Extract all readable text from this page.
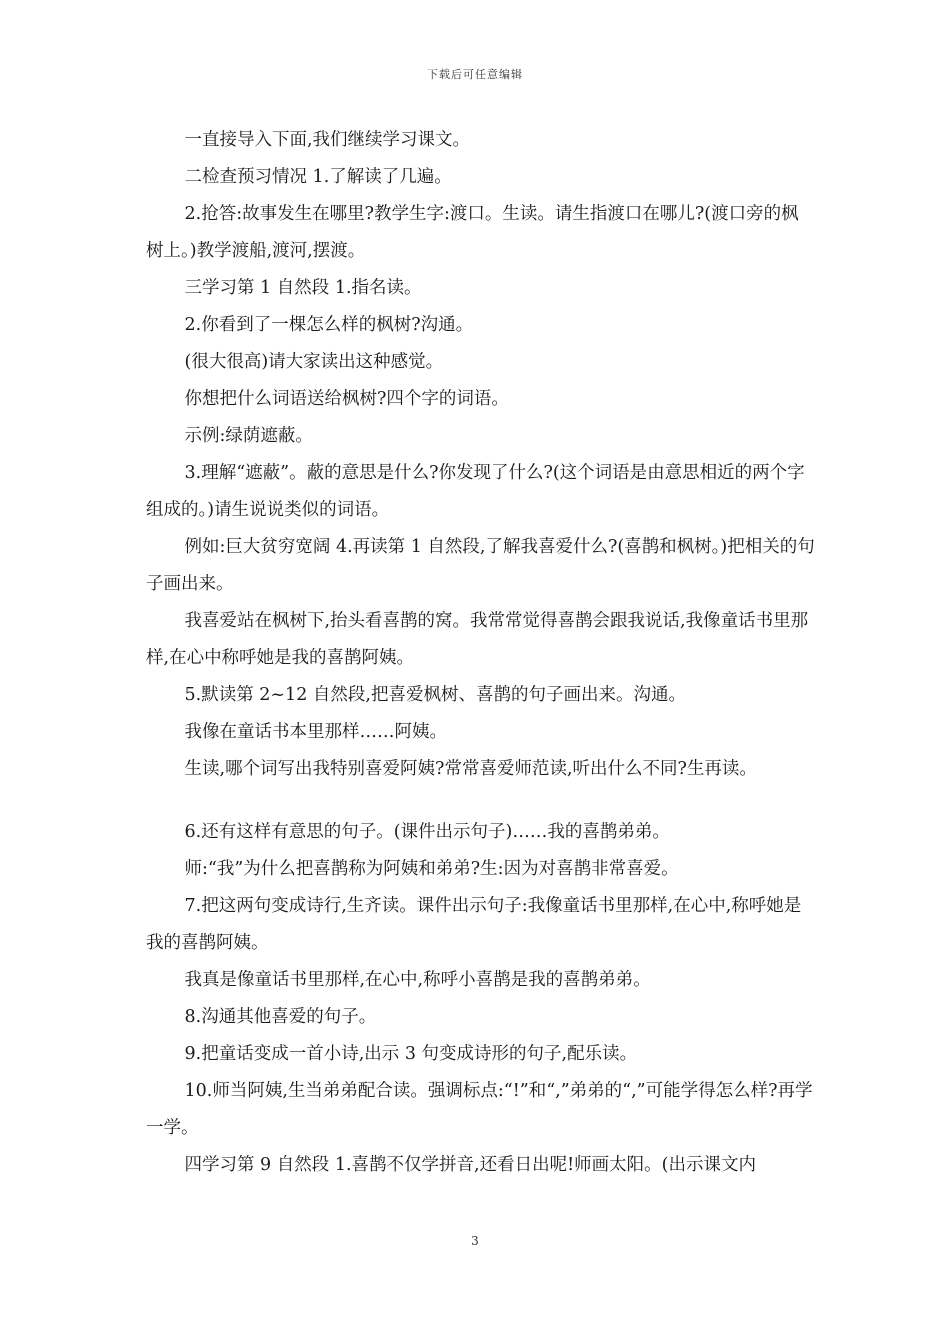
下载后可任意编辑

一直接导入下面,我们继续学习课文。

二检查预习情况 1.了解读了几遍。

2.抢答:故事发生在哪里?教学生字:渡口。生读。请生指渡口在哪儿?(渡口旁的枫树上。)教学渡船,渡河,摆渡。

三学习第 1 自然段 1.指名读。

2.你看到了一棵怎么样的枫树?沟通。

(很大很高)请大家读出这种感觉。

你想把什么词语送给枫树?四个字的词语。

示例:绿荫遮蔽。

3.理解“遮蔽”。蔽的意思是什么?你发现了什么?(这个词语是由意思相近的两个字组成的。)请生说说类似的词语。

例如:巨大贫穷宽阔 4.再读第 1 自然段,了解我喜爱什么?(喜鹊和枫树。)把相关的句子画出来。

我喜爱站在枫树下,抬头看喜鹊的窝。我常常觉得喜鹊会跟我说话,我像童话书里那样,在心中称呼她是我的喜鹊阿姨。

5.默读第 2~12 自然段,把喜爱枫树、喜鹊的句子画出来。沟通。

我像在童话书本里那样……阿姨。

生读,哪个词写出我特别喜爱阿姨?常常喜爱师范读,听出什么不同?生再读。

6.还有这样有意思的句子。(课件出示句子)……我的喜鹊弟弟。

师:“我”为什么把喜鹊称为阿姨和弟弟?生:因为对喜鹊非常喜爱。

7.把这两句变成诗行,生齐读。课件出示句子:我像童话书里那样,在心中,称呼她是我的喜鹊阿姨。

我真是像童话书里那样,在心中,称呼小喜鹊是我的喜鹊弟弟。

8.沟通其他喜爱的句子。

9.把童话变成一首小诗,出示 3 句变成诗形的句子,配乐读。

10.师当阿姨,生当弟弟配合读。强调标点:“!”和“,”弟弟的“,”可能学得怎么样?再学一学。

四学习第 9 自然段 1.喜鹊不仅学拼音,还看日出呢!师画太阳。(出示课文内

3
